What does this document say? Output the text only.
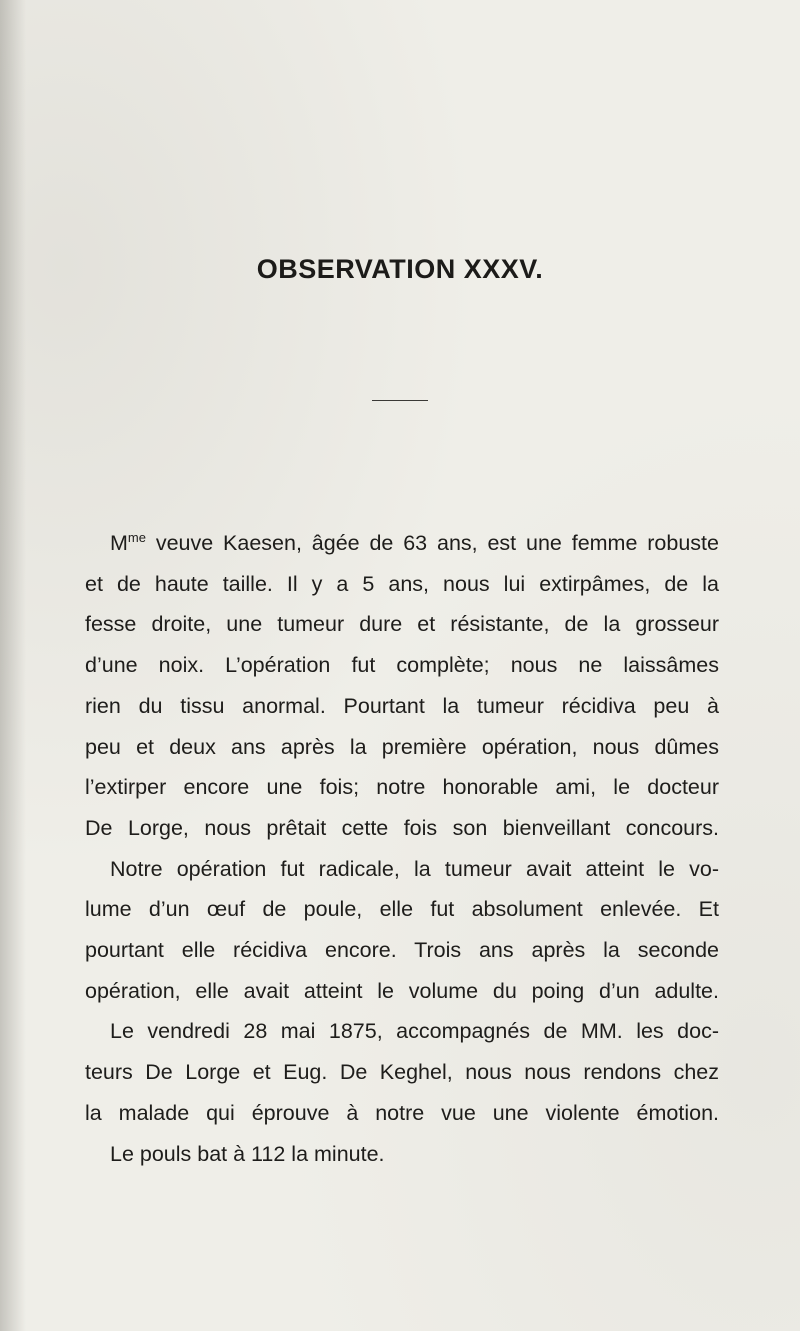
OBSERVATION XXXV.
$M^{me}$ veuve Kaesen, âgée de 63 ans, est une femme robuste
et de haute taille. Il y a 5 ans, nous lui extirpâmes, de la
fesse droite, une tumeur dure et résistante, de la grosseur
d’une noix. L’opération fut complète; nous ne laissâmes
rien du tissu anormal. Pourtant la tumeur récidiva peu à
peu et deux ans après la première opération, nous dûmes
l’extirper encore une fois; notre honorable ami, le docteur
De Lorge, nous prêtait cette fois son bienveillant concours.
Notre opération fut radicale, la tumeur avait atteint le vo-
lume d’un œuf de poule, elle fut absolument enlevée. Et
pourtant elle récidiva encore. Trois ans après la seconde
opération, elle avait atteint le volume du poing d’un adulte.
Le vendredi 28 mai 1875, accompagnés de MM. les doc-
teurs De Lorge et Eug. De Keghel, nous nous rendons chez
la malade qui éprouve à notre vue une violente émotion.
Le pouls bat à 112 la minute.
